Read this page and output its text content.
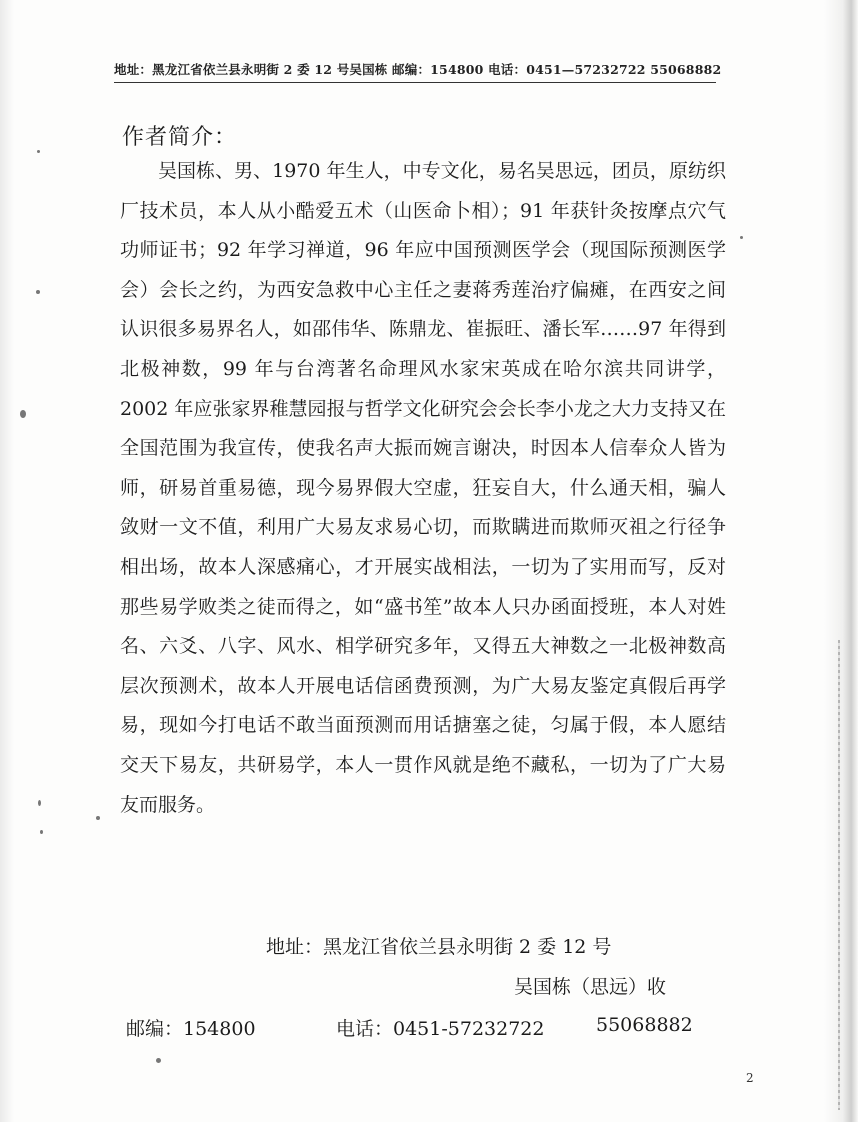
地址：黑龙江省依兰县永明街 2 委 12 号吴国栋 邮编：154800 电话：0451—57232722 55068882
作者简介：

吴国栋、男、1970 年生人，中专文化，易名吴思远，团员，原纺织厂技术员，本人从小酷爱五术（山医命卜相）；91 年获针灸按摩点穴气功师证书；92 年学习禅道，96 年应中国预测医学会（现国际预测医学会）会长之约，为西安急救中心主任之妻蒋秀莲治疗偏瘫，在西安之间认识很多易界名人，如邵伟华、陈鼎龙、崔振旺、潘长军……97 年得到北极神数，99 年与台湾著名命理风水家宋英成在哈尔滨共同讲学，2002 年应张家界稚慧园报与哲学文化研究会会长李小龙之大力支持又在全国范围为我宣传，使我名声大振而婉言谢决，时因本人信奉众人皆为师，研易首重易德，现今易界假大空虚，狂妄自大，什么通天相，骗人敛财一文不值，利用广大易友求易心切，而欺瞒进而欺师灭祖之行径争相出场，故本人深感痛心，才开展实战相法，一切为了实用而写，反对那些易学败类之徒而得之，如“盛书笙”故本人只办函面授班，本人对姓名、六爻、八字、风水、相学研究多年，又得五大神数之一北极神数高层次预测术，故本人开展电话信函费预测，为广大易友鉴定真假后再学易，现如今打电话不敢当面预测而用话搪塞之徒，匀属于假，本人愿结交天下易友，共研易学，本人一贯作风就是绝不藏私，一切为了广大易友而服务。

地址：黑龙江省依兰县永明街 2 委 12 号
吴国栋（思远）收
邮编：154800	电话：0451-57232722	55068882
2
